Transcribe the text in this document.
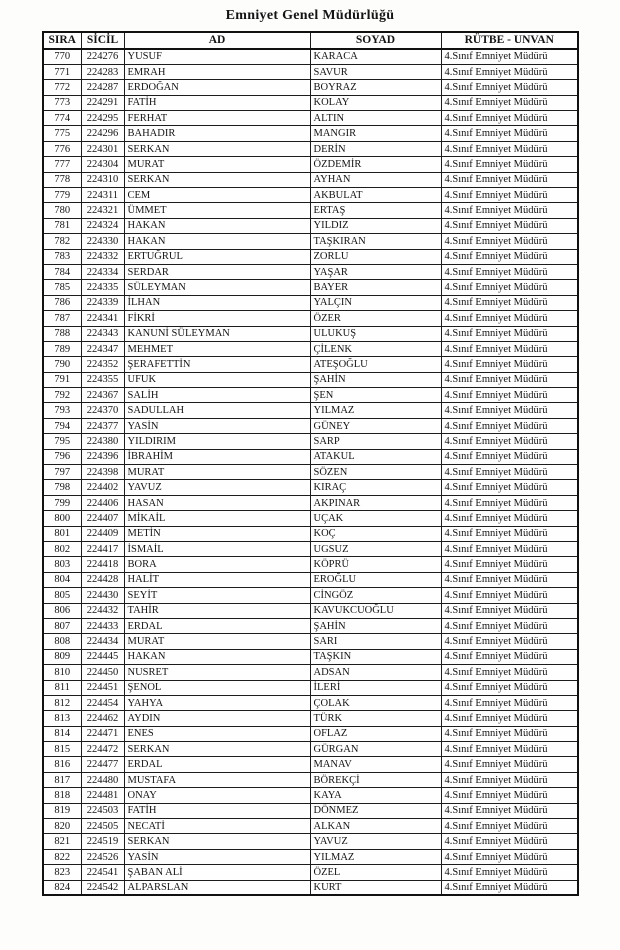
Emniyet Genel Müdürlüğü
SIRA	SİCİL	AD	SOYAD	RÜTBE - UNVAN
770	224276	YUSUF	KARACA	4.Sınıf Emniyet Müdürü
771	224283	EMRAH	SAVUR	4.Sınıf Emniyet Müdürü
772	224287	ERDOĞAN	BOYRAZ	4.Sınıf Emniyet Müdürü
773	224291	FATİH	KOLAY	4.Sınıf Emniyet Müdürü
774	224295	FERHAT	ALTIN	4.Sınıf Emniyet Müdürü
775	224296	BAHADIR	MANGIR	4.Sınıf Emniyet Müdürü
776	224301	SERKAN	DERİN	4.Sınıf Emniyet Müdürü
777	224304	MURAT	ÖZDEMİR	4.Sınıf Emniyet Müdürü
778	224310	SERKAN	AYHAN	4.Sınıf Emniyet Müdürü
779	224311	CEM	AKBULAT	4.Sınıf Emniyet Müdürü
780	224321	ÜMMET	ERTAŞ	4.Sınıf Emniyet Müdürü
781	224324	HAKAN	YILDIZ	4.Sınıf Emniyet Müdürü
782	224330	HAKAN	TAŞKIRAN	4.Sınıf Emniyet Müdürü
783	224332	ERTUĞRUL	ZORLU	4.Sınıf Emniyet Müdürü
784	224334	SERDAR	YAŞAR	4.Sınıf Emniyet Müdürü
785	224335	SÜLEYMAN	BAYER	4.Sınıf Emniyet Müdürü
786	224339	İLHAN	YALÇIN	4.Sınıf Emniyet Müdürü
787	224341	FİKRİ	ÖZER	4.Sınıf Emniyet Müdürü
788	224343	KANUNİ SÜLEYMAN	ULUKUŞ	4.Sınıf Emniyet Müdürü
789	224347	MEHMET	ÇİLENK	4.Sınıf Emniyet Müdürü
790	224352	ŞERAFETTİN	ATEŞOĞLU	4.Sınıf Emniyet Müdürü
791	224355	UFUK	ŞAHİN	4.Sınıf Emniyet Müdürü
792	224367	SALİH	ŞEN	4.Sınıf Emniyet Müdürü
793	224370	SADULLAH	YILMAZ	4.Sınıf Emniyet Müdürü
794	224377	YASİN	GÜNEY	4.Sınıf Emniyet Müdürü
795	224380	YILDIRIM	SARP	4.Sınıf Emniyet Müdürü
796	224396	İBRAHİM	ATAKUL	4.Sınıf Emniyet Müdürü
797	224398	MURAT	SÖZEN	4.Sınıf Emniyet Müdürü
798	224402	YAVUZ	KIRAÇ	4.Sınıf Emniyet Müdürü
799	224406	HASAN	AKPINAR	4.Sınıf Emniyet Müdürü
800	224407	MİKAİL	UÇAK	4.Sınıf Emniyet Müdürü
801	224409	METİN	KOÇ	4.Sınıf Emniyet Müdürü
802	224417	İSMAİL	UGSUZ	4.Sınıf Emniyet Müdürü
803	224418	BORA	KÖPRÜ	4.Sınıf Emniyet Müdürü
804	224428	HALİT	EROĞLU	4.Sınıf Emniyet Müdürü
805	224430	SEYİT	CİNGÖZ	4.Sınıf Emniyet Müdürü
806	224432	TAHİR	KAVUKCUOĞLU	4.Sınıf Emniyet Müdürü
807	224433	ERDAL	ŞAHİN	4.Sınıf Emniyet Müdürü
808	224434	MURAT	SARI	4.Sınıf Emniyet Müdürü
809	224445	HAKAN	TAŞKIN	4.Sınıf Emniyet Müdürü
810	224450	NUSRET	ADSAN	4.Sınıf Emniyet Müdürü
811	224451	ŞENOL	İLERİ	4.Sınıf Emniyet Müdürü
812	224454	YAHYA	ÇOLAK	4.Sınıf Emniyet Müdürü
813	224462	AYDIN	TÜRK	4.Sınıf Emniyet Müdürü
814	224471	ENES	OFLAZ	4.Sınıf Emniyet Müdürü
815	224472	SERKAN	GÜRGAN	4.Sınıf Emniyet Müdürü
816	224477	ERDAL	MANAV	4.Sınıf Emniyet Müdürü
817	224480	MUSTAFA	BÖREKÇİ	4.Sınıf Emniyet Müdürü
818	224481	ONAY	KAYA	4.Sınıf Emniyet Müdürü
819	224503	FATİH	DÖNMEZ	4.Sınıf Emniyet Müdürü
820	224505	NECATİ	ALKAN	4.Sınıf Emniyet Müdürü
821	224519	SERKAN	YAVUZ	4.Sınıf Emniyet Müdürü
822	224526	YASİN	YILMAZ	4.Sınıf Emniyet Müdürü
823	224541	ŞABAN ALİ	ÖZEL	4.Sınıf Emniyet Müdürü
824	224542	ALPARSLAN	KURT	4.Sınıf Emniyet Müdürü
